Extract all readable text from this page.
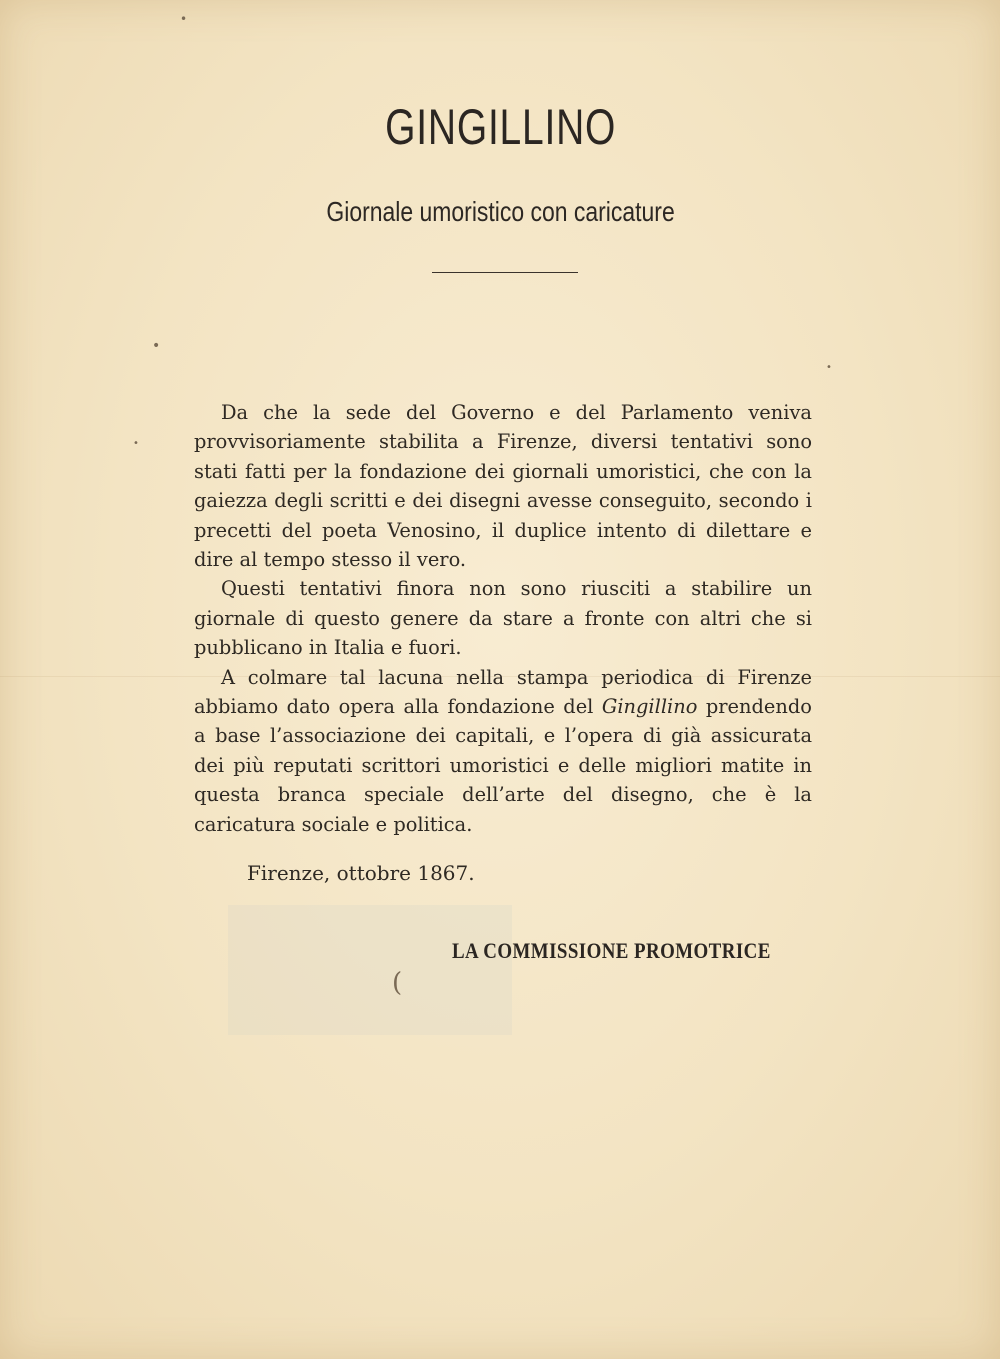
GINGILLINO
Giornale umoristico con caricature

Da che la sede del Governo e del Parlamento veniva provvisoriamente stabilita a Firenze, diversi tentativi sono stati fatti per la fondazione dei giornali umoristici, che con la gaiezza degli scritti e dei disegni avesse conseguito, secondo i precetti del poeta Venosino, il duplice intento di dilettare e dire al tempo stesso il vero.

Questi tentativi finora non sono riusciti a stabilire un giornale di questo genere da stare a fronte con altri che si pubblicano in Italia e fuori.

A colmare tal lacuna nella stampa periodica di Firenze abbiamo dato opera alla fondazione del Gingillino prendendo a base l’associazione dei capitali, e l’opera di già assicurata dei più reputati scrittori umoristici e delle migliori matite in questa branca speciale dell’arte del disegno, che è la caricatura sociale e politica.

Firenze, ottobre 1867.
LA COMMISSIONE PROMOTRICE
•
•
•
•
(
